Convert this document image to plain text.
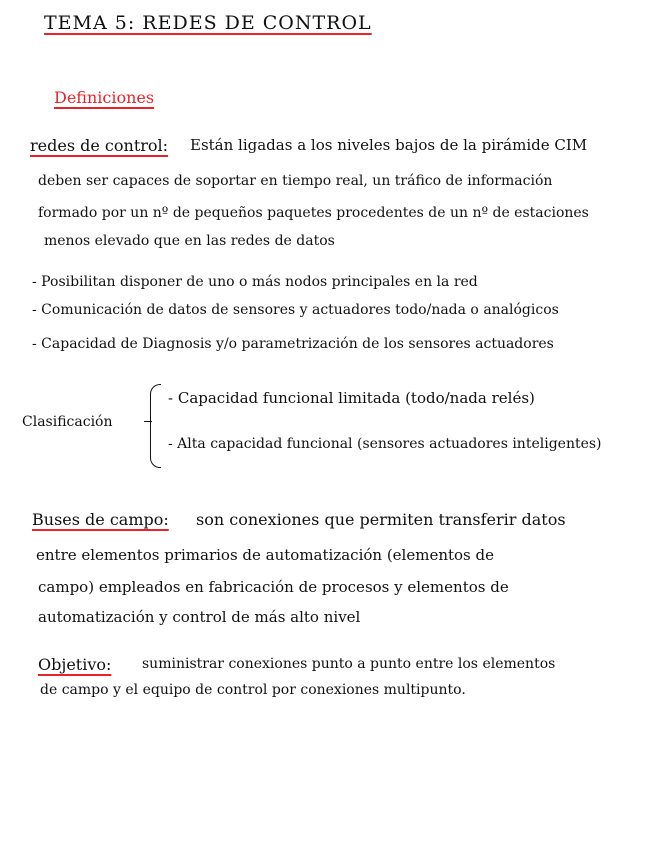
TEMA 5: REDES DE CONTROL
Definiciones
redes de control: Están ligadas a los niveles bajos de la pirámide CIM
deben ser capaces de soportar en tiempo real, un tráfico de información
formado por un nº de pequeños paquetes procedentes de un nº de estaciones
menos elevado que en las redes de datos
- Posibilitan disponer de uno o más nodos principales en la red
- Comunicación de datos de sensores y actuadores todo/nada o analógicos
- Capacidad de Diagnosis y/o parametrización de los sensores actuadores
Clasificación
- Capacidad funcional limitada (todo/nada relés)
- Alta capacidad funcional (sensores actuadores inteligentes)
Buses de campo: son conexiones que permiten transferir datos
entre elementos primarios de automatización (elementos de
campo) empleados en fabricación de procesos y elementos de
automatización y control de más alto nivel
Objetivo: suministrar conexiones punto a punto entre los elementos
de campo y el equipo de control por conexiones multipunto.
